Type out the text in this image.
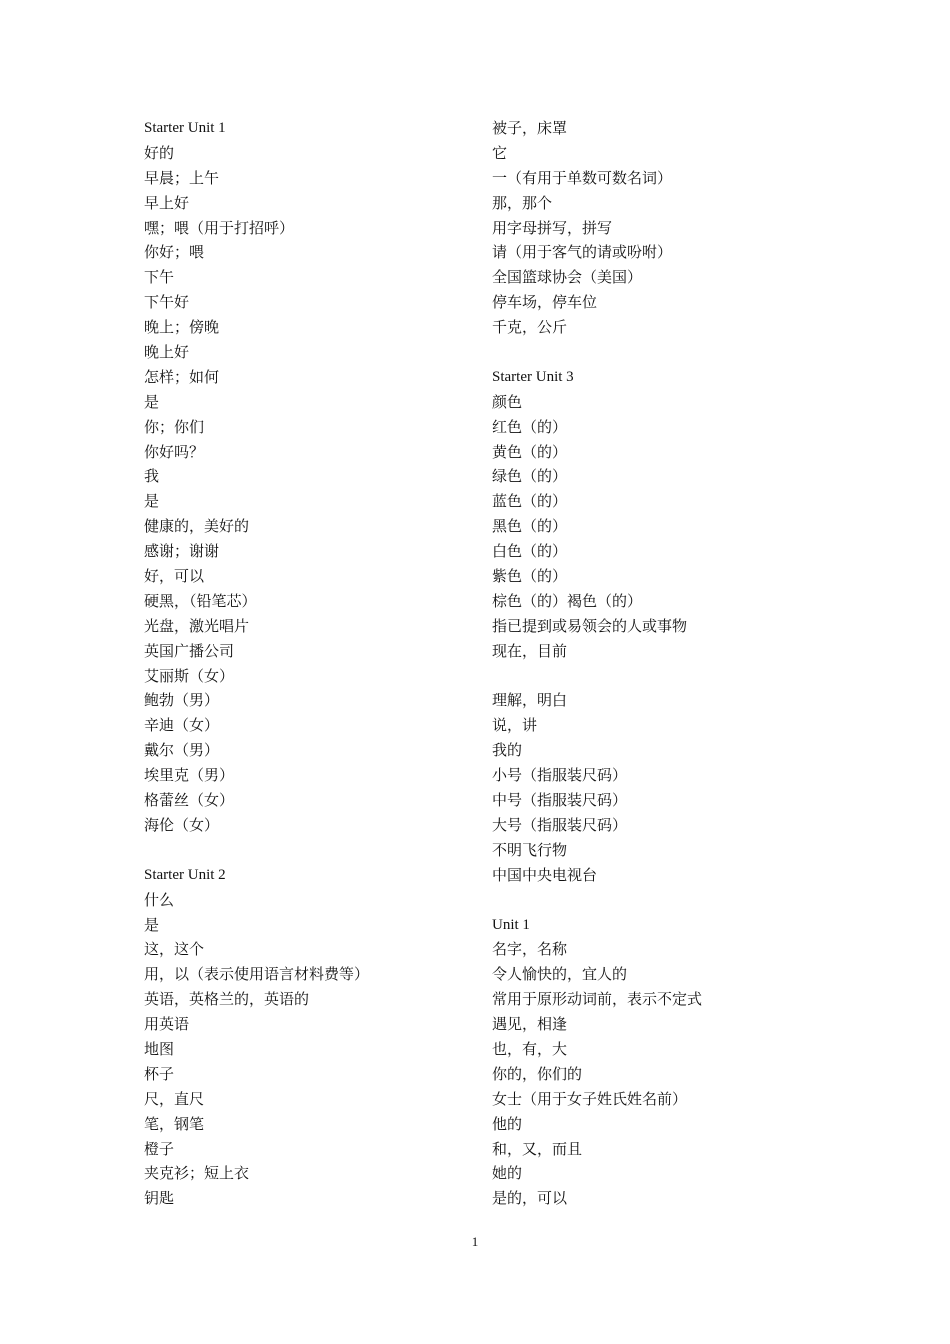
Starter Unit 1
好的
早晨；上午
早上好
嘿；喂（用于打招呼）
你好；喂
下午
下午好
晚上；傍晚
晚上好
怎样；如何
是
你；你们
你好吗？
我
是
健康的，美好的
感谢；谢谢
好，可以
硬黑，（铅笔芯）
光盘，激光唱片
英国广播公司
艾丽斯（女）
鲍勃（男）
辛迪（女）
戴尔（男）
埃里克（男）
格蕾丝（女）
海伦（女）
Starter Unit 2
什么
是
这，这个
用，以（表示使用语言材料费等）
英语，英格兰的，英语的
用英语
地图
杯子
尺，直尺
笔，钢笔
橙子
夹克衫；短上衣
钥匙
被子，床罩
它
一（有用于单数可数名词）
那，那个
用字母拼写，拼写
请（用于客气的请或吩咐）
全国篮球协会（美国）
停车场，停车位
千克，公斤
Starter Unit 3
颜色
红色（的）
黄色（的）
绿色（的）
蓝色（的）
黑色（的）
白色（的）
紫色（的）
棕色（的）褐色（的）
指已提到或易领会的人或事物
现在，目前
理解，明白
说，讲
我的
小号（指服装尺码）
中号（指服装尺码）
大号（指服装尺码）
不明飞行物
中国中央电视台
Unit 1
名字，名称
令人愉快的，宜人的
常用于原形动词前，表示不定式
遇见，相逢
也，有，大
你的，你们的
女士（用于女子姓氏姓名前）
他的
和，又，而且
她的
是的，可以
1
